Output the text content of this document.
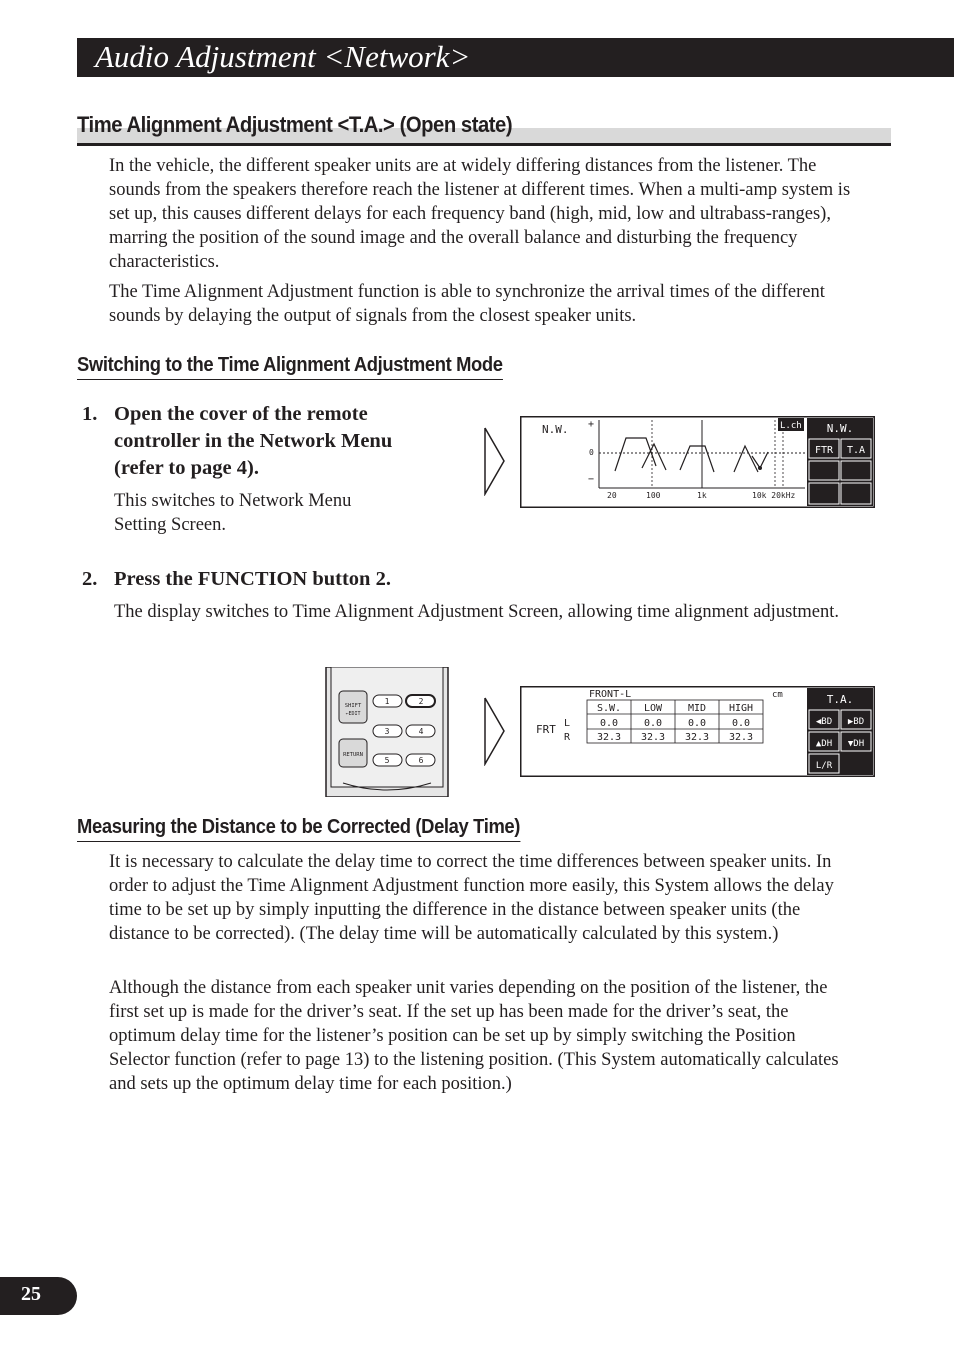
Audio Adjustment <Network>
Time Alignment Adjustment <T.A.> (Open state)

In the vehicle, the different speaker units are at widely differing distances from the listener. The sounds from the speakers therefore reach the listener at different times. When a multi-amp system is set up, this causes different delays for each frequency band (high, mid, low and ultrabass-ranges), marring the position of the sound image and the overall balance and disturbing the frequency characteristics.

The Time Alignment Adjustment function is able to synchronize the arrival times of the different sounds by delaying the output of signals from the closest speaker units.

Switching to the Time Alignment Adjustment Mode
1. Open the cover of the remote controller in the Network Menu (refer to page 4).

This switches to Network Menu Setting Screen.

N.W. +
0
−
20	100	1k	10k 20kHz
L.ch N.W.
FTR T.A
2. Press the FUNCTION button 2.

The display switches to Time Alignment Adjustment Screen, allowing time alignment adjustment.

SHIFT
←EDIT
RETURN
1	2
3	4
5	6
FRONT-L	cm
FRT L
R
S.W. LOW	MID HIGH
0.0	0.0	0.0	0.0
32.3 32.3 32.3 32.3
T.A.
◀BD ▶BD
▲DH ▼DH
L/R
Measuring the Distance to be Corrected (Delay Time)

It is necessary to calculate the delay time to correct the time differences between speaker units. In order to adjust the Time Alignment Adjustment function more easily, this System allows the delay time to be set up by simply inputting the difference in the distance between speaker units (the distance to be corrected). (The delay time will be automatically calculated by this system.)

Although the distance from each speaker unit varies depending on the position of the listener, the first set up is made for the driver’s seat. If the set up has been made for the driver’s seat, the optimum delay time for the listener’s position can be set up by simply switching the Position Selector function (refer to page 13) to the listening position. (This System automatically calculates and sets up the optimum delay time for each position.)

25
